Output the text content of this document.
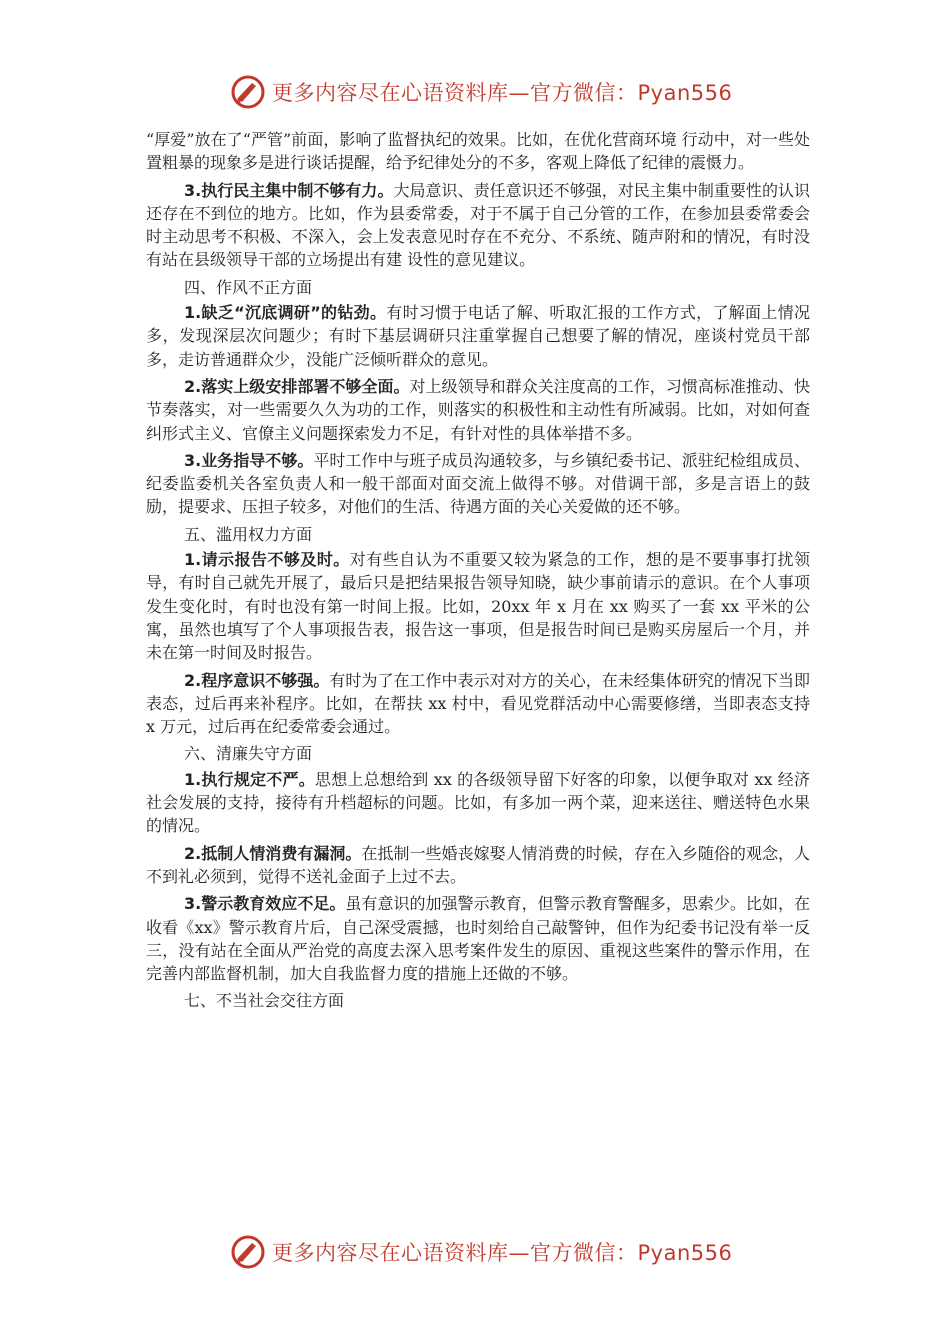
更多内容尽在心语资料库—官方微信：Pyan556

“厚爱”放在了“严管”前面，影响了监督执纪的效果。比如，在优化营商环境 行动中，对一些处置粗暴的现象多是进行谈话提醒，给予纪律处分的不多，客观上降低了纪律的震慑力。

3.执行民主集中制不够有力。大局意识、责任意识还不够强，对民主集中制重要性的认识还存在不到位的地方。比如，作为县委常委，对于不属于自己分管的工作，在参加县委常委会时主动思考不积极、不深入，会上发表意见时存在不充分、不系统、随声附和的情况，有时没有站在县级领导干部的立场提出有建 设性的意见建议。

四、作风不正方面

1.缺乏“沉底调研”的钻劲。有时习惯于电话了解、听取汇报的工作方式，了解面上情况多，发现深层次问题少；有时下基层调研只注重掌握自己想要了解的情况，座谈村党员干部多，走访普通群众少，没能广泛倾听群众的意见。

2.落实上级安排部署不够全面。对上级领导和群众关注度高的工作，习惯高标准推动、快节奏落实，对一些需要久久为功的工作，则落实的积极性和主动性有所减弱。比如，对如何查纠形式主义、官僚主义问题探索发力不足，有针对性的具体举措不多。

3.业务指导不够。平时工作中与班子成员沟通较多，与乡镇纪委书记、派驻纪检组成员、纪委监委机关各室负责人和一般干部面对面交流上做得不够。对借调干部，多是言语上的鼓励，提要求、压担子较多，对他们的生活、待遇方面的关心关爱做的还不够。

五、滥用权力方面

1.请示报告不够及时。对有些自认为不重要又较为紧急的工作，想的是不要事事打扰领导，有时自己就先开展了，最后只是把结果报告领导知晓，缺少事前请示的意识。在个人事项发生变化时，有时也没有第一时间上报。比如，20xx 年 x 月在 xx 购买了一套 xx 平米的公寓，虽然也填写了个人事项报告表，报告这一事项，但是报告时间已是购买房屋后一个月，并未在第一时间及时报告。

2.程序意识不够强。有时为了在工作中表示对对方的关心，在未经集体研究的情况下当即表态，过后再来补程序。比如，在帮扶 xx 村中，看见党群活动中心需要修缮，当即表态支持 x 万元，过后再在纪委常委会通过。

六、清廉失守方面

1.执行规定不严。思想上总想给到 xx 的各级领导留下好客的印象，以便争取对 xx 经济社会发展的支持，接待有升档超标的问题。比如，有多加一两个菜，迎来送往、赠送特色水果的情况。

2.抵制人情消费有漏洞。在抵制一些婚丧嫁娶人情消费的时候，存在入乡随俗的观念，人不到礼必须到，觉得不送礼金面子上过不去。

3.警示教育效应不足。虽有意识的加强警示教育，但警示教育警醒多，思索少。比如，在收看《xx》警示教育片后，自己深受震撼，也时刻给自己敲警钟，但作为纪委书记没有举一反三，没有站在全面从严治党的高度去深入思考案件发生的原因、重视这些案件的警示作用，在完善内部监督机制，加大自我监督力度的措施上还做的不够。

七、不当社会交往方面

更多内容尽在心语资料库—官方微信：Pyan556
